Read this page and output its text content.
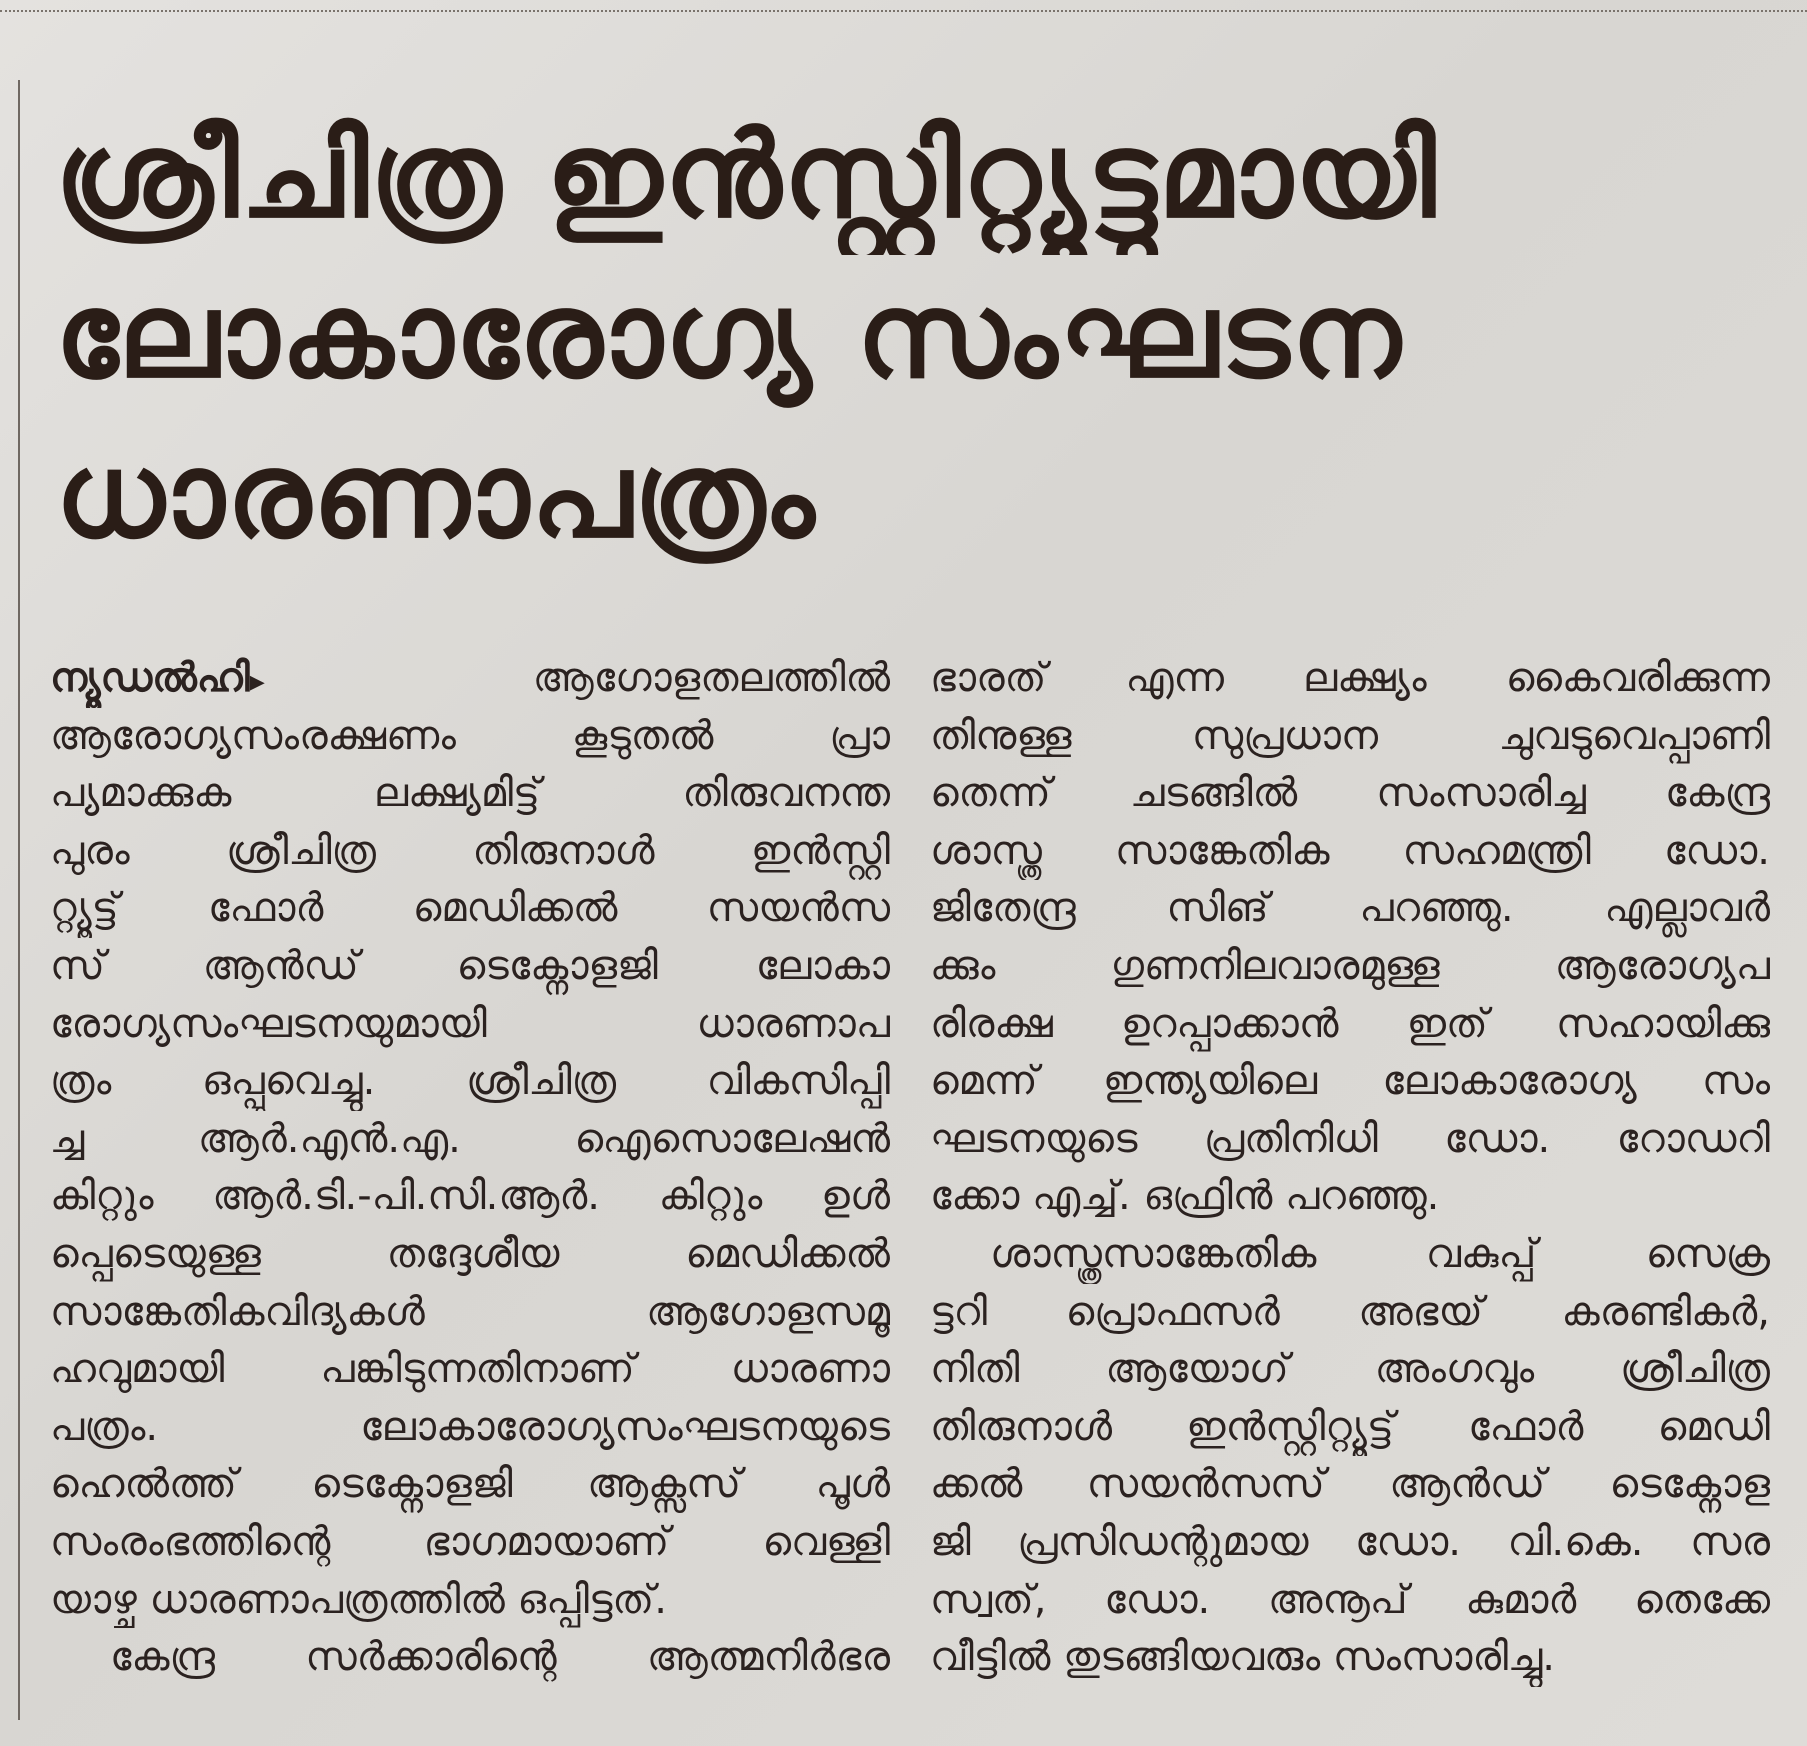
ശ്രീചിത്ര ഇൻസ്റ്റിറ്റ്യൂട്ടുമായി
ലോകാരോഗ്യ സംഘടന
ധാരണാപത്രം
ന്യൂഡൽഹി▸	ആഗോളതലത്തിൽ
ആരോഗ്യസംരക്ഷണം കൂടുതൽ പ്രാ
പ്യമാക്കുക ലക്ഷ്യമിട്ട് തിരുവനന്ത
പുരം ശ്രീചിത്ര തിരുനാൾ ഇൻസ്റ്റി
റ്റ്യൂട്ട് ഫോർ മെഡിക്കൽ സയൻസ
സ് ആൻഡ് ടെക്നോളജി ലോകാ
രോഗ്യസംഘടനയുമായി ധാരണാപ
ത്രം ഒപ്പുവെച്ചു. ശ്രീചിത്ര വികസിപ്പി
ച്ച ആർ.എൻ.എ. ഐസൊലേഷൻ
കിറ്റും ആർ.ടി.-പി.സി.ആർ. കിറ്റും ഉൾ
പ്പെടെയുള്ള തദ്ദേശീയ മെഡിക്കൽ
സാങ്കേതികവിദ്യകൾ ആഗോളസമൂ
ഹവുമായി പങ്കിടുന്നതിനാണ് ധാരണാ
പത്രം. ലോകാരോഗ്യസംഘടനയുടെ
ഹെൽത്ത് ടെക്നോളജി ആക്സസ് പൂൾ
സംരംഭത്തിന്റെ ഭാഗമായാണ് വെള്ളി
യാഴ്ച ധാരണാപത്രത്തിൽ ഒപ്പിട്ടത്.
കേന്ദ്ര സർക്കാരിന്റെ ആത്മനിർഭര
ഭാരത് എന്ന ലക്ഷ്യം കൈവരിക്കുന്ന
തിനുള്ള സുപ്രധാന ചുവടുവെപ്പാണി
തെന്ന് ചടങ്ങിൽ സംസാരിച്ച കേന്ദ്ര
ശാസ്ത്ര സാങ്കേതിക സഹമന്ത്രി ഡോ.
ജിതേന്ദ്ര സിങ് പറഞ്ഞു. എല്ലാവർ
ക്കും ഗുണനിലവാരമുള്ള ആരോഗ്യപ
രിരക്ഷ ഉറപ്പാക്കാൻ ഇത് സഹായിക്കു
മെന്ന് ഇന്ത്യയിലെ ലോകാരോഗ്യ സം
ഘടനയുടെ പ്രതിനിധി ഡോ. റോഡറി
ക്കോ എച്ച്. ഒഫ്രിൻ പറഞ്ഞു.
ശാസ്ത്രസാങ്കേതിക വകുപ്പ് സെക്ര
ട്ടറി പ്രൊഫസർ അഭയ് കരണ്ടികർ,
നിതി ആയോഗ് അംഗവും ശ്രീചിത്ര
തിരുനാൾ ഇൻസ്റ്റിറ്റ്യൂട്ട് ഫോർ മെഡി
ക്കൽ സയൻസസ് ആൻഡ് ടെക്നോള
ജി പ്രസിഡന്റുമായ ഡോ. വി.കെ. സര
സ്വത്, ഡോ. അനൂപ് കുമാർ തെക്കേ
വീട്ടിൽ തുടങ്ങിയവരും സംസാരിച്ചു.
